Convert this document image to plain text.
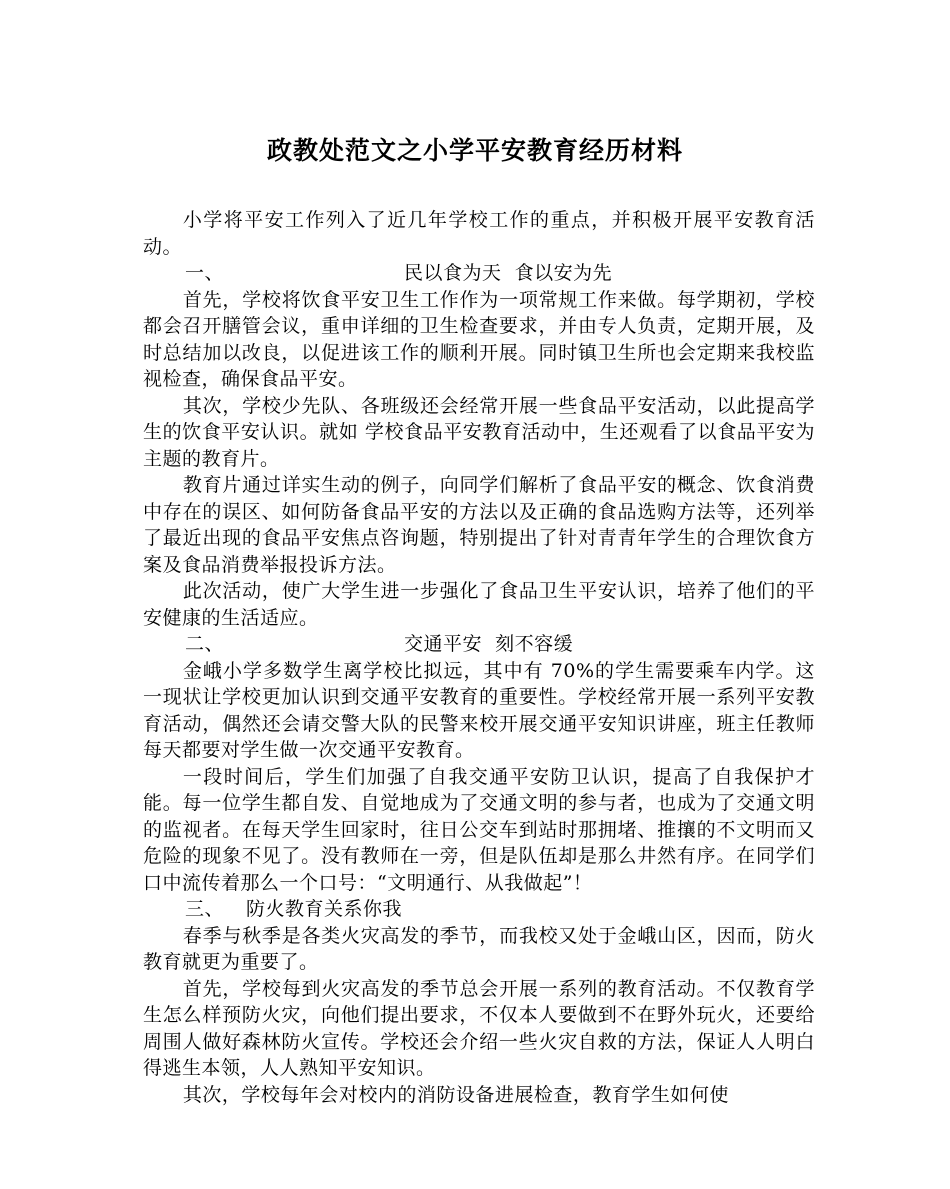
政教处范文之小学平安教育经历材料

小学将平安工作列入了近几年学校工作的重点，并积极开展平安教育活动。

一、	民以食为天  食以安为先

首先，学校将饮食平安卫生工作作为一项常规工作来做。每学期初，学校都会召开膳管会议，重申详细的卫生检查要求，并由专人负责，定期开展，及时总结加以改良，以促进该工作的顺利开展。同时镇卫生所也会定期来我校监视检查，确保食品平安。

其次，学校少先队、各班级还会经常开展一些食品平安活动，以此提高学生的饮食平安认识。就如 学校食品平安教育活动中，生还观看了以食品平安为主题的教育片。

教育片通过详实生动的例子，向同学们解析了食品平安的概念、饮食消费中存在的误区、如何防备食品平安的方法以及正确的食品选购方法等，还列举了最近出现的食品平安焦点咨询题，特别提出了针对青青年学生的合理饮食方案及食品消费举报投诉方法。

此次活动，使广大学生进一步强化了食品卫生平安认识，培养了他们的平安健康的生活适应。

二、	交通平安  刻不容缓

金峨小学多数学生离学校比拟远，其中有 70%的学生需要乘车内学。这一现状让学校更加认识到交通平安教育的重要性。学校经常开展一系列平安教育活动，偶然还会请交警大队的民警来校开展交通平安知识讲座，班主任教师每天都要对学生做一次交通平安教育。

一段时间后，学生们加强了自我交通平安防卫认识，提高了自我保护才能。每一位学生都自发、自觉地成为了交通文明的参与者，也成为了交通文明的监视者。在每天学生回家时，往日公交车到站时那拥堵、推攘的不文明而又危险的现象不见了。没有教师在一旁，但是队伍却是那么井然有序。在同学们口中流传着那么一个口号：“文明通行、从我做起”！

三、 防火教育关系你我

春季与秋季是各类火灾高发的季节，而我校又处于金峨山区，因而，防火教育就更为重要了。

首先，学校每到火灾高发的季节总会开展一系列的教育活动。不仅教育学生怎么样预防火灾，向他们提出要求，不仅本人要做到不在野外玩火，还要给周围人做好森林防火宣传。学校还会介绍一些火灾自救的方法，保证人人明白得逃生本领，人人熟知平安知识。

其次，学校每年会对校内的消防设备进展检查，教育学生如何使
